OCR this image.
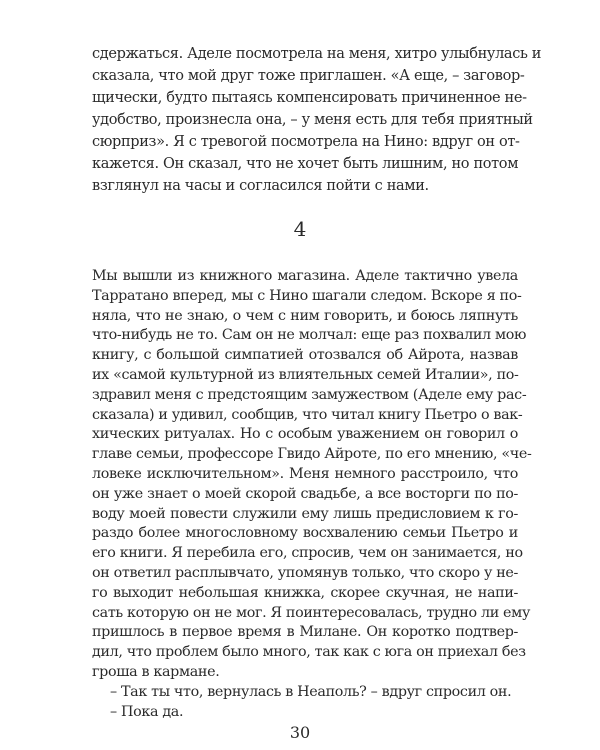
сдержаться. Аделе посмотрела на меня, хитро улыбнулась и
сказала, что мой друг тоже приглашен. «А еще, – заговор-
щически, будто пытаясь компенсировать причиненное не-
удобство, произнесла она, – у меня есть для тебя приятный
сюрприз». Я с тревогой посмотрела на Нино: вдруг он от-
кажется. Он сказал, что не хочет быть лишним, но потом
взглянул на часы и согласился пойти с нами.
4
Мы вышли из книжного магазина. Аделе тактично увела
Тарратано вперед, мы с Нино шагали следом. Вскоре я по-
няла, что не знаю, о чем с ним говорить, и боюсь ляпнуть
что-нибудь не то. Сам он не молчал: еще раз похвалил мою
книгу, с большой симпатией отозвался об Айрота, назвав
их «самой культурной из влиятельных семей Италии», по-
здравил меня с предстоящим замужеством (Аделе ему рас-
сказала) и удивил, сообщив, что читал книгу Пьетро о вак-
хических ритуалах. Но с особым уважением он говорил о
главе семьи, профессоре Гвидо Айроте, по его мнению, «че-
ловеке исключительном». Меня немного расстроило, что
он уже знает о моей скорой свадьбе, а все восторги по по-
воду моей повести служили ему лишь предисловием к го-
раздо более многословному восхвалению семьи Пьетро и
его книги. Я перебила его, спросив, чем он занимается, но
он ответил расплывчато, упомянув только, что скоро у не-
го выходит небольшая книжка, скорее скучная, не напи-
сать которую он не мог. Я поинтересовалась, трудно ли ему
пришлось в первое время в Милане. Он коротко подтвер-
дил, что проблем было много, так как с юга он приехал без
гроша в кармане.
30
– Так ты что, вернулась в Неаполь? – вдруг спросил он.
– Пока да.
